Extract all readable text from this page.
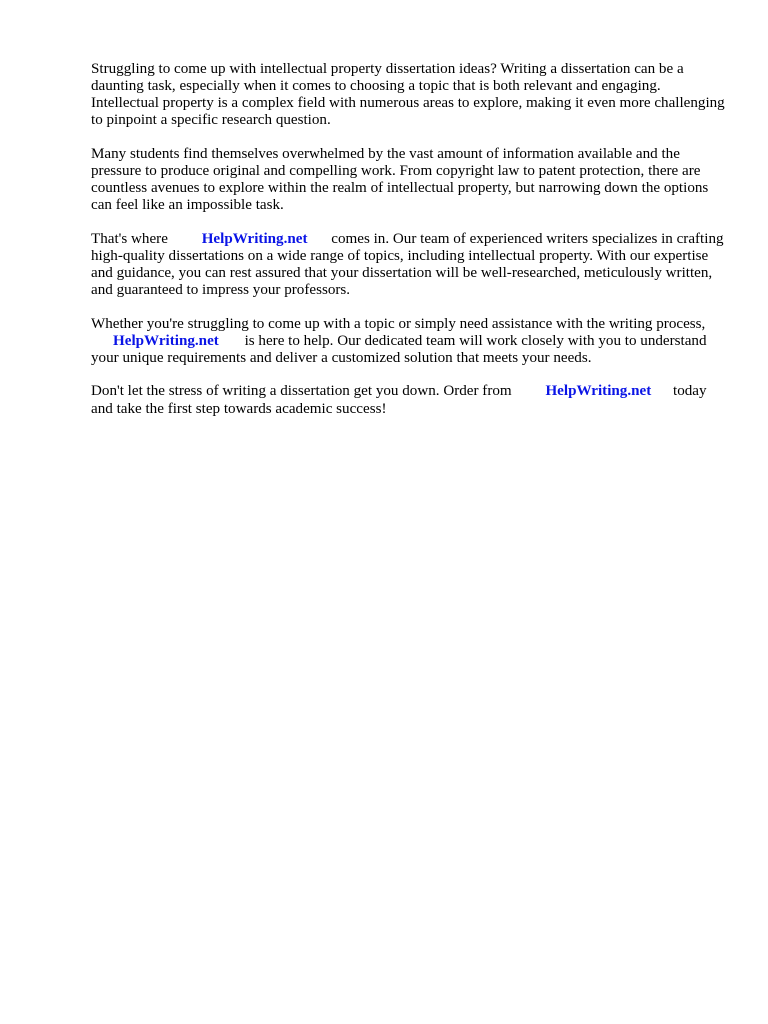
Struggling to come up with intellectual property dissertation ideas? Writing a dissertation can be a daunting task, especially when it comes to choosing a topic that is both relevant and engaging. Intellectual property is a complex field with numerous areas to explore, making it even more challenging to pinpoint a specific research question.

Many students find themselves overwhelmed by the vast amount of information available and the pressure to produce original and compelling work. From copyright law to patent protection, there are countless avenues to explore within the realm of intellectual property, but narrowing down the options can feel like an impossible task.

That's where HelpWriting.net comes in. Our team of experienced writers specializes in crafting high-quality dissertations on a wide range of topics, including intellectual property. With our expertise and guidance, you can rest assured that your dissertation will be well-researched, meticulously written, and guaranteed to impress your professors.

Whether you're struggling to come up with a topic or simply need assistance with the writing process, HelpWriting.net is here to help. Our dedicated team will work closely with you to understand your unique requirements and deliver a customized solution that meets your needs.

Don't let the stress of writing a dissertation get you down. Order from HelpWriting.net today and take the first step towards academic success!
